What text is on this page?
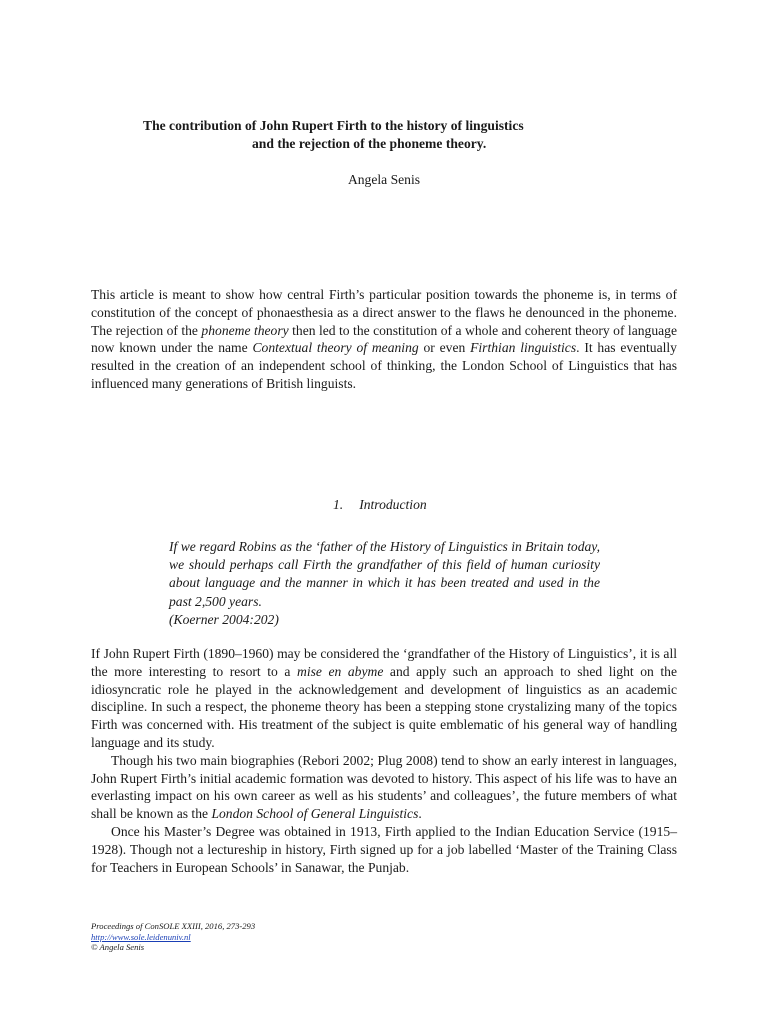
The contribution of John Rupert Firth to the history of linguistics

and the rejection of the phoneme theory.

Angela Senis

This article is meant to show how central Firth’s particular position towards the phoneme is, in terms of constitution of the concept of phonaesthesia as a direct answer to the flaws he denounced in the phoneme. The rejection of the phoneme theory then led to the constitution of a whole and coherent theory of language now known under the name Contextual theory of meaning or even Firthian linguistics. It has eventually resulted in the creation of an independent school of thinking, the London School of Linguistics that has influenced many generations of British linguists.

1. Introduction

If we regard Robins as the ‘father of the History of Linguistics in Britain today, we should perhaps call Firth the grandfather of this field of human curiosity about language and the manner in which it has been treated and used in the past 2,500 years.
(Koerner 2004:202)

If John Rupert Firth (1890–1960) may be considered the ‘grandfather of the History of Linguistics’, it is all the more interesting to resort to a mise en abyme and apply such an approach to shed light on the idiosyncratic role he played in the acknowledgement and development of linguistics as an academic discipline. In such a respect, the phoneme theory has been a stepping stone crystalizing many of the topics Firth was concerned with. His treatment of the subject is quite emblematic of his general way of handling language and its study.

Though his two main biographies (Rebori 2002; Plug 2008) tend to show an early interest in languages, John Rupert Firth’s initial academic formation was devoted to history. This aspect of his life was to have an everlasting impact on his own career as well as his students’ and colleagues’, the future members of what shall be known as the London School of General Linguistics.

Once his Master’s Degree was obtained in 1913, Firth applied to the Indian Education Service (1915–1928). Though not a lectureship in history, Firth signed up for a job labelled ‘Master of the Training Class for Teachers in European Schools’ in Sanawar, the Punjab.

Proceedings of ConSOLE XXIII, 2016, 273-293
http://www.sole.leidenuniv.nl
© Angela Senis
